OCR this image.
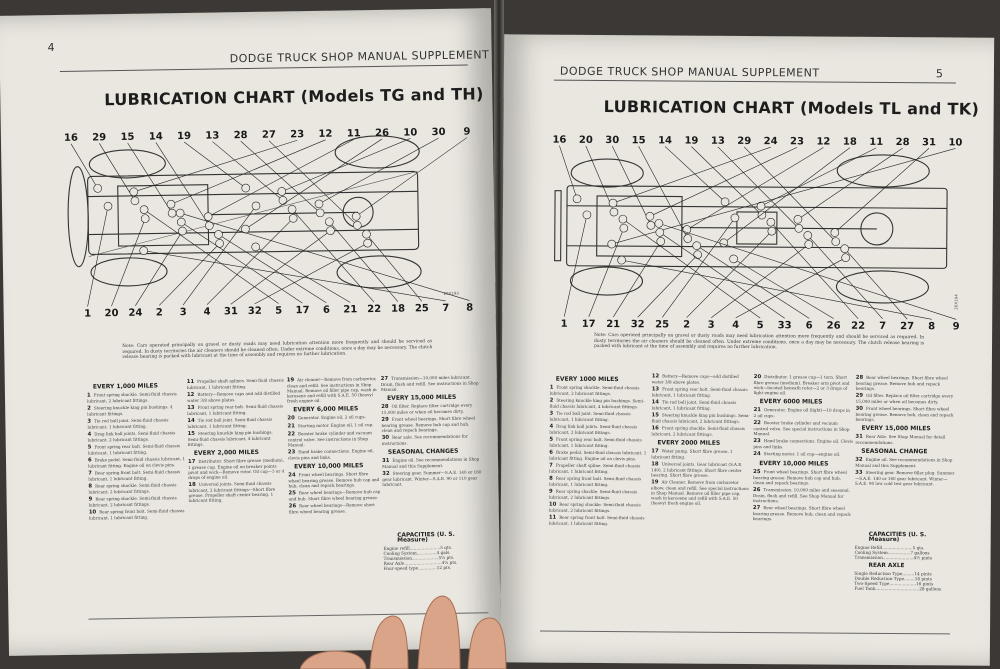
4
DODGE TRUCK SHOP MANUAL SUPPLEMENT
LUBRICATION CHART (Models TG and TH)
16 29 15 14 19 13 28 27 23 12 11 26 10 30 9
1 20 24 2 3 4 31 32 5 17 6 21 22 18 25 7 8
20X193
Note: Cars operated principally on gravel or dusty roads may need lubrication attention more frequently and should be serviced as required. In dusty territories the air cleaners should be cleaned often. Under extreme conditions, once a day may be necessary. The clutch release bearing is packed with lubricant at the time of assembly and requires no further lubrication.
EVERY 1,000 MILES
1 Front spring shackle. Semi-fluid chassis lubricant, 2 lubricant fittings.
2 Steering knuckle king pin bushings. 4 lubricant fittings.
3 Tie rod ball joint. Semi-fluid chassis lubricant, 1 lubricant fitting.
4 Drag link ball joints. Semi-fluid chassis lubricant, 2 lubricant fittings.
5 Front spring rear bolt. Semi-fluid chassis lubricant, 1 lubricant fitting.
6 Brake pedal. Semi-fluid chassis lubricant, 1 lubricant fitting. Engine oil on clevis pins.
7 Rear spring front bolt. Semi-fluid chassis lubricant, 1 lubricant fitting.
8 Rear spring shackle. Semi-fluid chassis lubricant, 2 lubricant fittings.
9 Rear spring shackle. Semi-fluid chassis lubricant, 2 lubricant fittings.
10 Rear spring front bolt. Semi-fluid chassis lubricant, 1 lubricant fitting.
11 Propeller shaft splines. Semi-fluid chassis lubricant, 1 lubricant fitting.
12 Battery—Remove caps and add distilled water 3/8 above plates.
13 Front spring rear bolt. Semi-fluid chassis lubricant, 1 lubricant fitting.
14 Tie rod ball joint. Semi-fluid chassis lubricant, 1 lubricant fitting.
15 Steering knuckle king pin bushings. Semi-fluid chassis lubricant, 4 lubricant fittings.
EVERY 2,000 MILES
17 Distributor. Short fibre grease (medium), 1 grease cup. Engine oil on breaker points pivot and wick—Remove rotor. Oil cup—3 or 4 drops of engine oil.
18 Universal joints. Semi-fluid chassis lubricant, 2 lubricant fittings—Short fibre grease. Propeller shaft center bearing. 1 lubricant fitting.
19 Air cleaner—Remove from carburetor, clean and refill. See instructions in Shop Manual. Remove oil filler pipe cap, wash in kerosene and refill with S.A.E. 50 (heavy) fresh engine oil.
EVERY 6,000 MILES
20 Generator. Engine oil, 2 oil cups.
21 Starting motor. Engine oil, 1 oil cup.
22 Booster brake cylinder and vacuum control valve. See instructions in Shop Manual.
23 Hand brake connections. Engine oil, clevis pins and links.
EVERY 10,000 MILES
24 Front wheel bearings. Short fibre wheel bearing grease. Remove hub cap and hub, clean and repack bearings.
25 Rear wheel bearings—Remove hub cap and hub. Short fibre wheel bearing grease.
26 Rear wheel bearings—Remove short fibre wheel bearing grease.
27 Transmission—10,000 miles lubricant. Drain, flush and refill. See instructions in Shop Manual.
EVERY 15,000 MILES
28 Oil filter. Replace filter cartridge every 15,000 miles or when oil becomes dirty.
29 Front wheel bearings. Short fibre wheel bearing grease. Remove hub cap and hub, clean and repack bearings.
30 Rear axle. See recommendations for instructions.
SEASONAL CHANGES
31 Engine oil. See recommendations in Shop Manual and this Supplement.
32 Steering gear. Summer—S.A.E. 140 or 160 gear lubricant. Winter—S.A.E. 90 or 110 gear lubricant.
CAPACITIES (U. S. Measure)
Engine refill.......................5 qts.
Cooling System...............4 gals.
Transmission....................5½ pts.
Rear Axle............................4½ pts.
Four-speed type..............12 pts.
DODGE TRUCK SHOP MANUAL SUPPLEMENT	5
LUBRICATION CHART (Models TL and TK)
16 20 30 15 14 19 13 29 24 23 12 18 11 28 31 10
1 17 21 32 25 2 3 4 5 33 6 26 22 7 27 8 9
20X194
Note: Cars operated principally on gravel or dusty roads may need lubrication attention more frequently and should be serviced as required. In dusty territories the air cleaners should be cleaned often. Under extreme conditions, once a day may be necessary. The clutch release bearing is packed with lubricant at the time of assembly and requires no further lubrication.
EVERY 1000 MILES
1 Front spring shackle. Semi-fluid chassis lubricant, 2 lubricant fittings.
2 Steering knuckle king pin bushings. Semi-fluid chassis lubricant, 4 lubricant fittings.
3 Tie rod ball joint. Semi-fluid chassis lubricant, 1 lubricant fitting.
4 Drag link ball joints. Semi-fluid chassis lubricant, 2 lubricant fittings.
5 Front spring rear bolt. Semi-fluid chassis lubricant, 1 lubricant fitting.
6 Brake pedal. Semi-fluid chassis lubricant, 1 lubricant fitting. Engine oil on clevis pins.
7 Propeller shaft spline. Semi-fluid chassis lubricant, 1 lubricant fitting.
8 Rear spring front bolt. Semi-fluid chassis lubricant, 1 lubricant fitting.
9 Rear spring shackle. Semi-fluid chassis lubricant, 2 lubricant fittings.
10 Rear spring shackle. Semi-fluid chassis lubricant, 2 lubricant fittings.
11 Rear spring front bolt. Semi-fluid chassis lubricant, 1 lubricant fitting.
12 Battery—Remove caps—add distilled water 3/8 above plates.
13 Front spring rear bolt. Semi-fluid chassis lubricant, 1 lubricant fitting.
14 Tie rod ball joint. Semi-fluid chassis lubricant, 1 lubricant fitting.
15 Steering knuckle king pin bushings. Semi-fluid chassis lubricant, 2 lubricant fittings.
16 Front spring shackle. Semi-fluid chassis lubricant, 2 lubricant fittings.
EVERY 2000 MILES
17 Water pump. Short fibre grease, 1 lubricant fitting.
18 Universal joints. Gear lubricant (S.A.E. 140). 2 lubricant fittings. Short fibre center bearing. Short fibre grease.
19 Air Cleaner. Remove from carburetor elbow, clean and refill. See special instructions in Shop Manual. Remove oil filler pipe cap, wash in kerosene and refill with S.A.E. 50 (heavy) fresh engine oil.
20 Distributor. 1 grease cup—1 turn. Short fibre grease (medium). Breaker arm pivot and wick—located beneath rotor—2 or 3 drops of light engine oil.
EVERY 6000 MILES
21 Generator. Engine oil (light)—10 drops in 2 oil cups.
22 Booster brake cylinder and vacuum control valve. See special instructions in Shop Manual.
23 Hand brake connections. Engine oil. Clevis pins and links.
24 Starting motor. 1 oil cup—engine oil.
EVERY 10,000 MILES
25 Front wheel bearings. Short fibre wheel bearing grease. Remove hub cap and hub, clean and repack bearings.
26 Transmission. 10,000 miles and seasonal. Drain, flush and refill. See Shop Manual for instructions.
27 Rear wheel bearings. Short fibre wheel bearing grease. Remove hub, clean and repack bearings.
28 Rear wheel bearings. Short fibre wheel bearing grease. Remove hub and repack bearings.
29 Oil filter. Replace oil filter cartridge every 15,000 miles or when oil becomes dirty.
30 Front wheel bearings. Short fibre wheel bearing grease. Remove hub, clean and repack bearings.
EVERY 15,000 MILES
31 Rear Axle. See Shop Manual for detail recommendations.
SEASONAL CHANGE
32 Engine oil. See recommendations in Shop Manual and this Supplement.
33 Steering gear. Remove filler plug. Summer—S.A.E. 140 or 160 gear lubricant. Winter—S.A.E. 90 low cold test gear lubricant.
CAPACITIES (U. S. Measure)
Engine Refill.......................5 qts.
Cooling System.................7 gallons
Transmission.......................4½ pints
REAR AXLE
Single Reduction Type.........14 pints
Double Reduction Type........18 pints
Two-Speed Type....................16 pints
Fuel Tank.................................28 gallons
